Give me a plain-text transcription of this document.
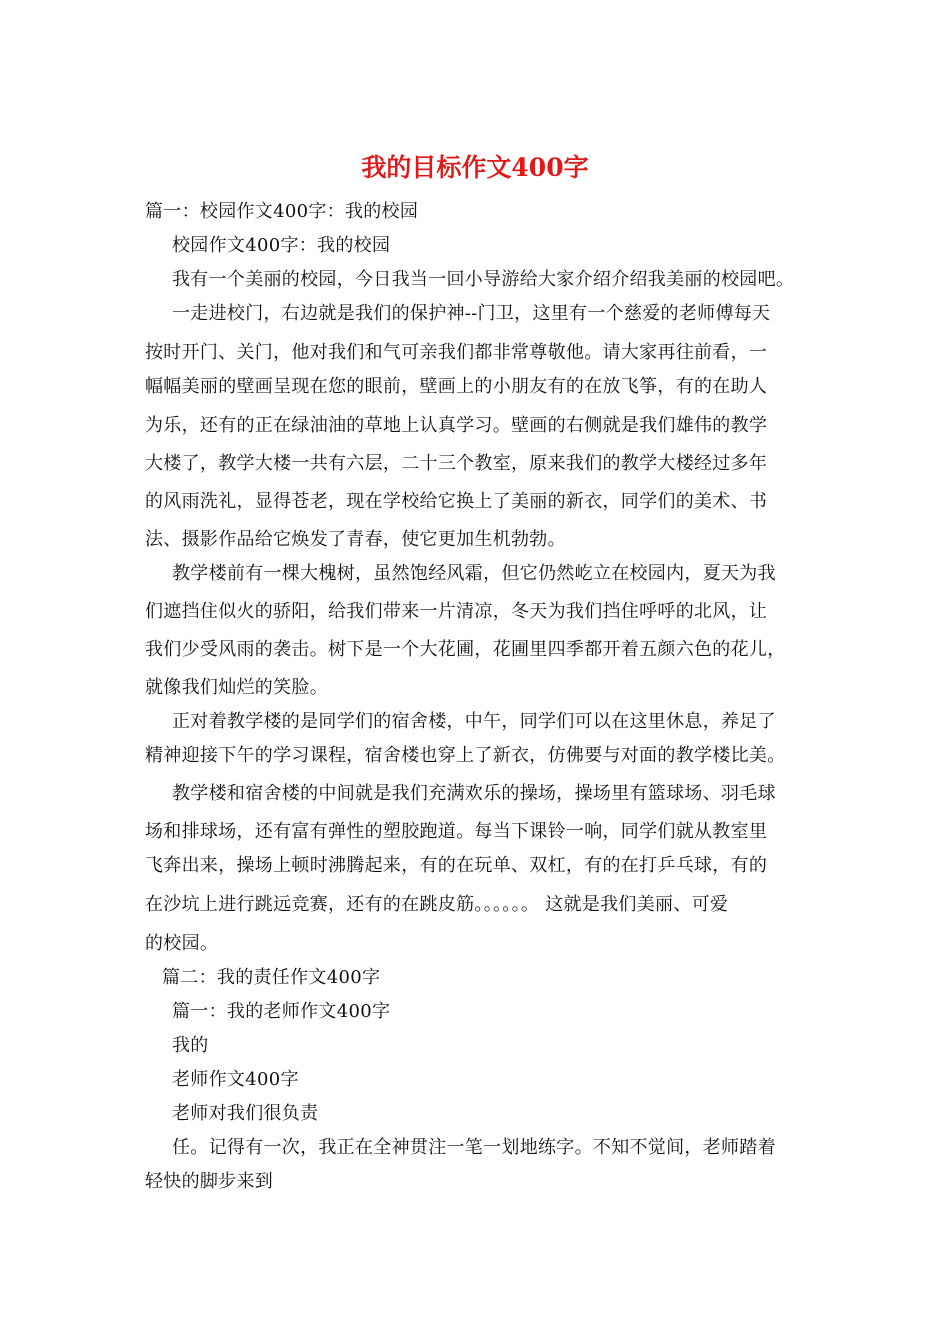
我的目标作文400字
篇一：校园作文400字：我的校园
校园作文400字：我的校园
我有一个美丽的校园，今日我当一回小导游给大家介绍介绍我美丽的校园吧。
一走进校门，右边就是我们的保护神--门卫，这里有一个慈爱的老师傅每天
按时开门、关门，他对我们和气可亲我们都非常尊敬他。请大家再往前看，一
幅幅美丽的壁画呈现在您的眼前，壁画上的小朋友有的在放飞筝，有的在助人
为乐，还有的正在绿油油的草地上认真学习。壁画的右侧就是我们雄伟的教学
大楼了，教学大楼一共有六层，二十三个教室，原来我们的教学大楼经过多年
的风雨洗礼，显得苍老，现在学校给它换上了美丽的新衣，同学们的美术、书
法、摄影作品给它焕发了青春，使它更加生机勃勃。
教学楼前有一棵大槐树，虽然饱经风霜，但它仍然屹立在校园内，夏天为我
们遮挡住似火的骄阳，给我们带来一片清凉，冬天为我们挡住呼呼的北风，让
我们少受风雨的袭击。树下是一个大花圃，花圃里四季都开着五颜六色的花儿，
就像我们灿烂的笑脸。
正对着教学楼的是同学们的宿舍楼，中午，同学们可以在这里休息，养足了
精神迎接下午的学习课程，宿舍楼也穿上了新衣，仿佛要与对面的教学楼比美。
教学楼和宿舍楼的中间就是我们充满欢乐的操场，操场里有篮球场、羽毛球
场和排球场，还有富有弹性的塑胶跑道。每当下课铃一响，同学们就从教室里
飞奔出来，操场上顿时沸腾起来，有的在玩单、双杠，有的在打乒乓球，有的
在沙坑上进行跳远竞赛，还有的在跳皮筋。。。。。。 这就是我们美丽、可爱
的校园。
篇二：我的责任作文400字
篇一：我的老师作文400字
我的
老师作文400字
老师对我们很负责
任。记得有一次，我正在全神贯注一笔一划地练字。不知不觉间，老师踏着
轻快的脚步来到
